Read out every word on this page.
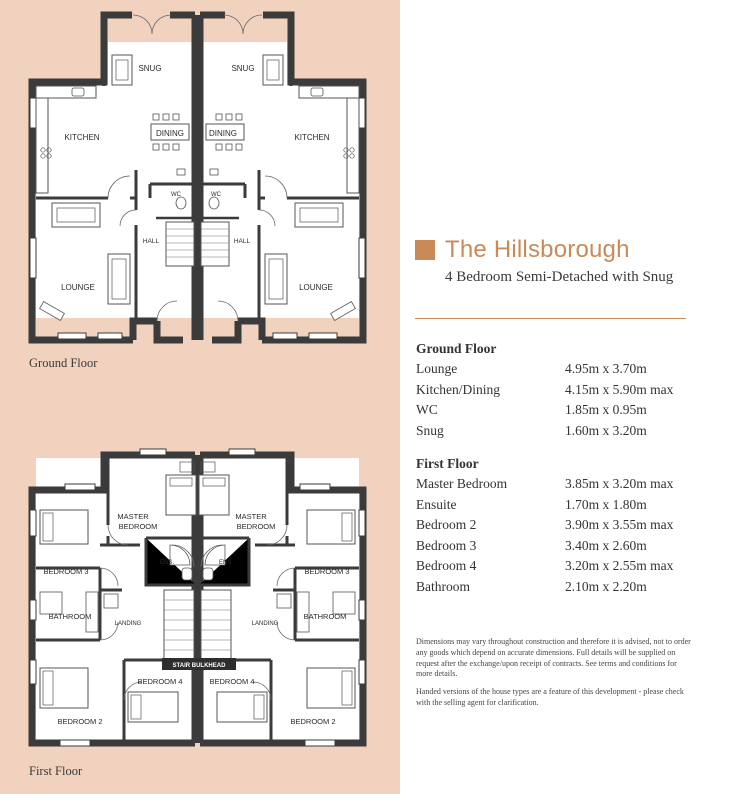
SNUG
KITCHEN	DINING
WC
HALL
LOUNGE
SNUG
KITCHEN
DINING
WC
HALL
LOUNGE
MASTER
BEDROOM
BEDROOM 3
ENS.
BATHROOM
LANDING
BEDROOM 2
BEDROOM 4
MASTER
BEDROOM
BEDROOM 3
ENS.
BATHROOM
LANDING
BEDROOM 2
BEDROOM 4
STAIR BULKHEAD
Ground Floor
First Floor
The Hillsborough
4 Bedroom Semi-Detached with Snug
Ground Floor
Lounge	4.95m x 3.70m
Kitchen/Dining	4.15m x 5.90m max
WC	1.85m x 0.95m
Snug	1.60m x 3.20m
First Floor
Master Bedroom	3.85m x 3.20m max
Ensuite	1.70m x 1.80m
Bedroom 2	3.90m x 3.55m max
Bedroom 3	3.40m x 2.60m
Bedroom 4	3.20m x 2.55m max
Bathroom	2.10m x 2.20m

Dimensions may vary throughout construction and therefore it is advised, not to order any goods which depend on accurate dimensions. Full details will be supplied on request after the exchange/upon receipt of contracts. See terms and conditions for more details.

Handed versions of the house types are a feature of this development - please check with the selling agent for clarification.
